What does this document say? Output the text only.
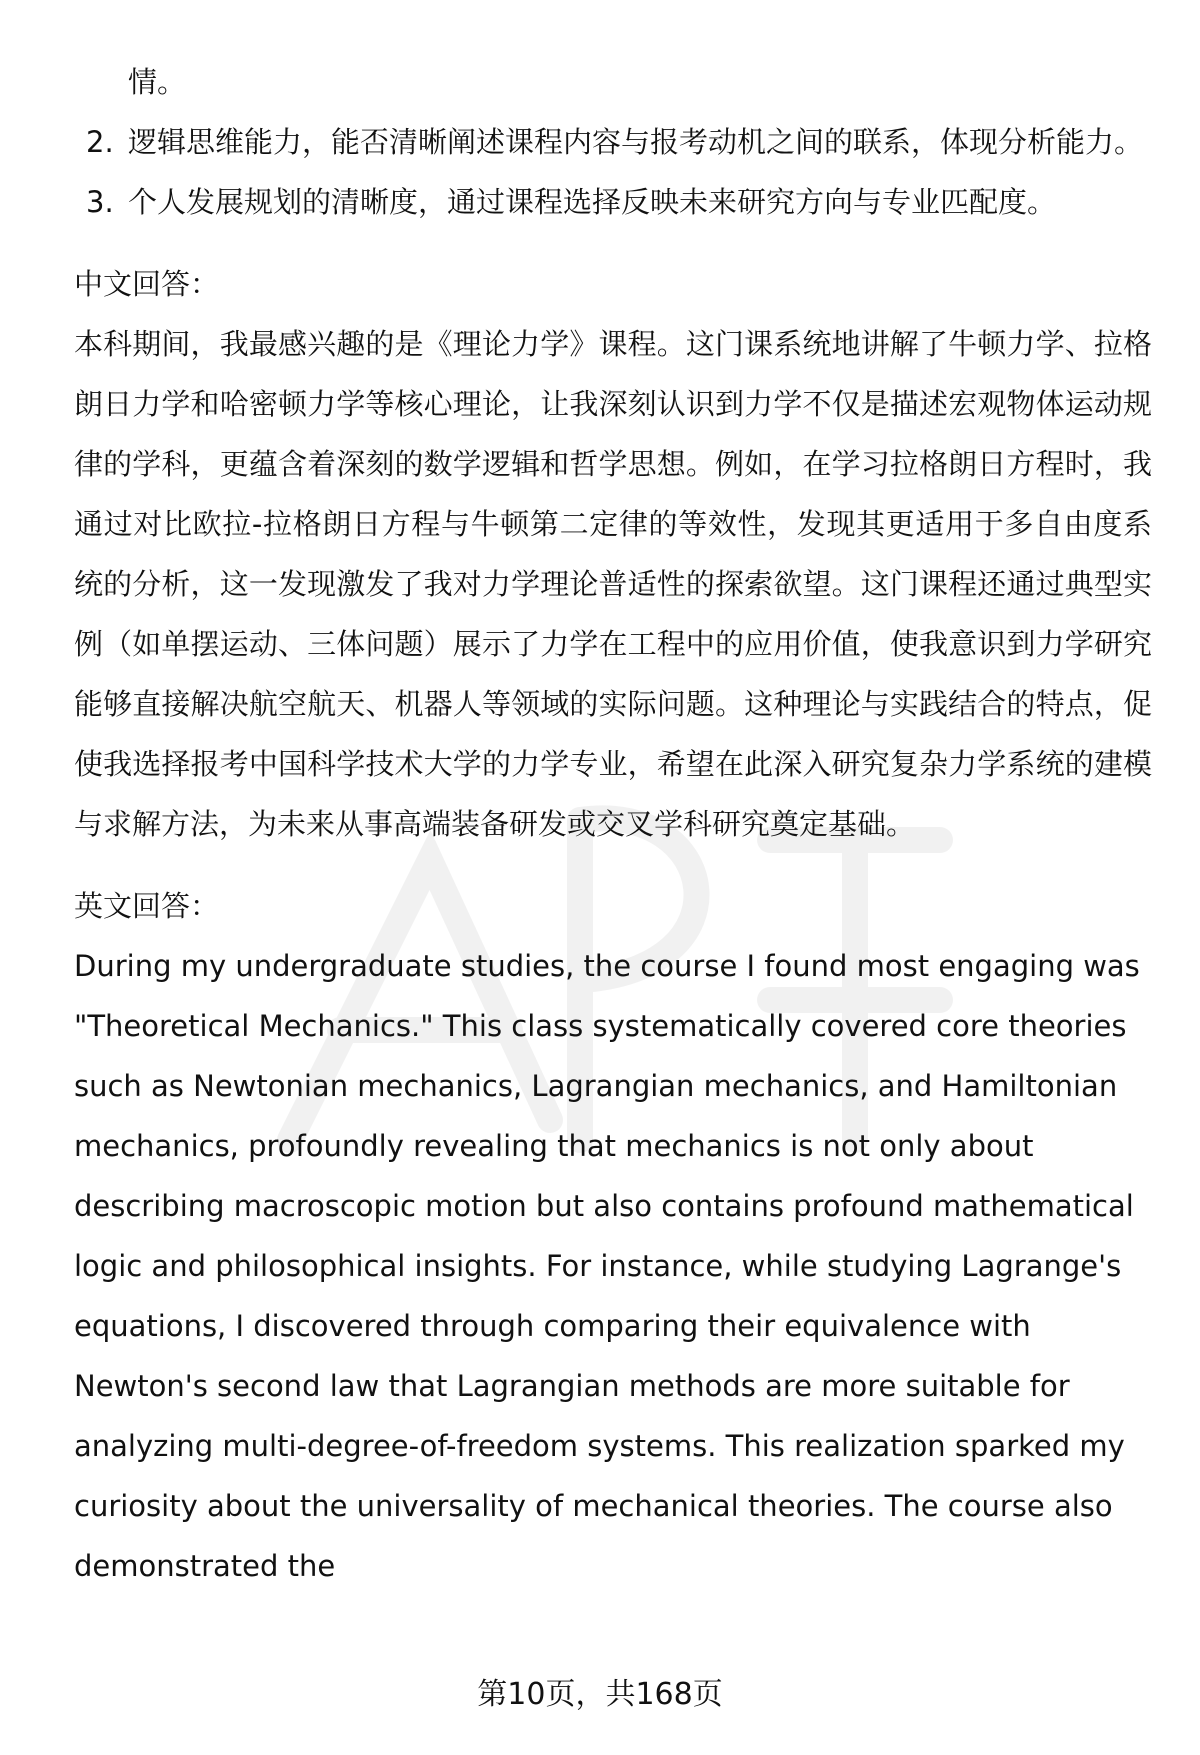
情。
2. 逻辑思维能力，能否清晰阐述课程内容与报考动机之间的联系，体现分析能力。
3. 个人发展规划的清晰度，通过课程选择反映未来研究方向与专业匹配度。
中文回答：
本科期间，我最感兴趣的是《理论力学》课程。这门课系统地讲解了牛顿力学、拉格朗日力学和哈密顿力学等核心理论，让我深刻认识到力学不仅是描述宏观物体运动规律的学科，更蕴含着深刻的数学逻辑和哲学思想。例如，在学习拉格朗日方程时，我通过对比欧拉-拉格朗日方程与牛顿第二定律的等效性，发现其更适用于多自由度系统的分析，这一发现激发了我对力学理论普适性的探索欲望。这门课程还通过典型实例（如单摆运动、三体问题）展示了力学在工程中的应用价值，使我意识到力学研究能够直接解决航空航天、机器人等领域的实际问题。这种理论与实践结合的特点，促使我选择报考中国科学技术大学的力学专业，希望在此深入研究复杂力学系统的建模与求解方法，为未来从事高端装备研发或交叉学科研究奠定基础。
英文回答：
During my undergraduate studies, the course I found most engaging was "Theoretical Mechanics." This class systematically covered core theories such as Newtonian mechanics, Lagrangian mechanics, and Hamiltonian mechanics, profoundly revealing that mechanics is not only about describing macroscopic motion but also contains profound mathematical logic and philosophical insights. For instance, while studying Lagrange's equations, I discovered through comparing their equivalence with Newton's second law that Lagrangian methods are more suitable for analyzing multi-degree-of-freedom systems. This realization sparked my curiosity about the universality of mechanical theories. The course also demonstrated the
第10页，共168页
